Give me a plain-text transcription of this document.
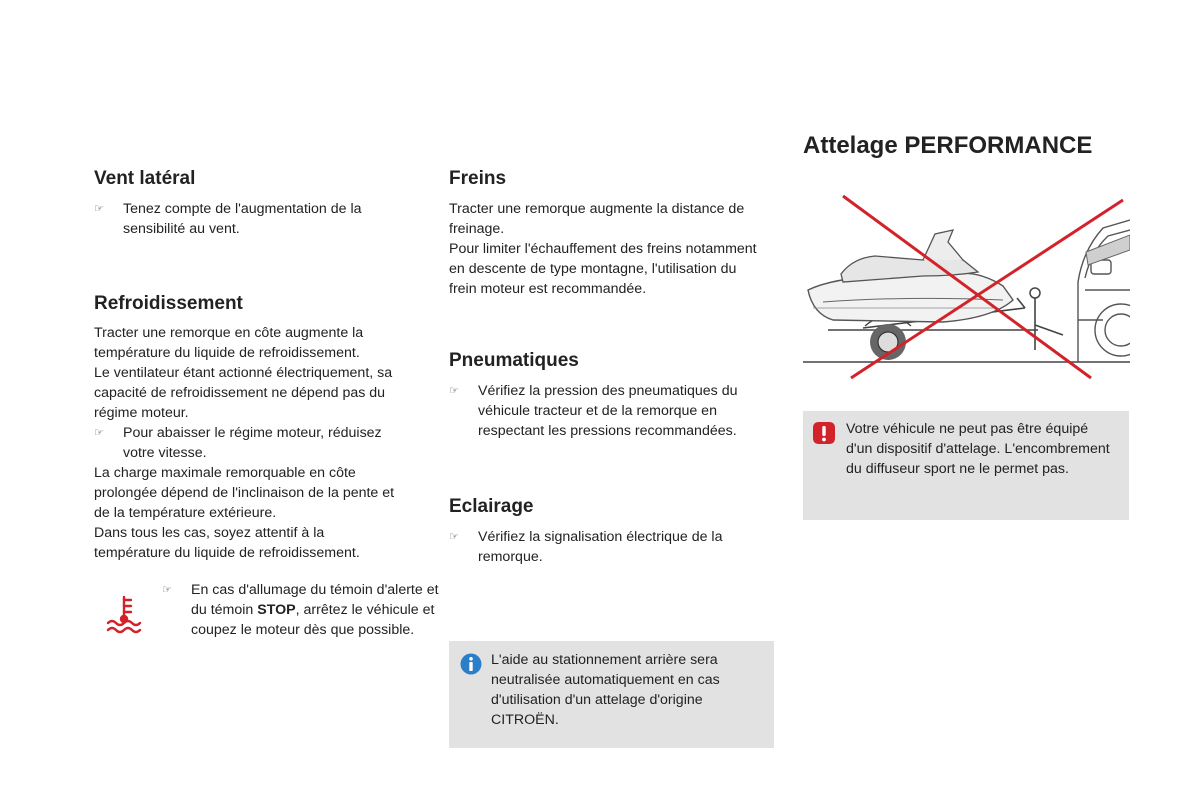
Vent latéral
☞ Tenez compte de l'augmentation de la sensibilité au vent.
Refroidissement

Tracter une remorque en côte augmente la température du liquide de refroidissement.

Le ventilateur étant actionné électriquement, sa capacité de refroidissement ne dépend pas du régime moteur.

☞ Pour abaisser le régime moteur, réduisez votre vitesse.

La charge maximale remorquable en côte prolongée dépend de l'inclinaison de la pente et de la température extérieure.

Dans tous les cas, soyez attentif à la température du liquide de refroidissement.

☞ En cas d'allumage du témoin d'alerte et du témoin STOP, arrêtez le véhicule et coupez le moteur dès que possible.
Freins

Tracter une remorque augmente la distance de freinage.

Pour limiter l'échauffement des freins notamment en descente de type montagne, l'utilisation du frein moteur est recommandée.

Pneumatiques
☞ Vérifiez la pression des pneumatiques du véhicule tracteur et de la remorque en respectant les pressions recommandées.
Eclairage
☞ Vérifiez la signalisation électrique de la remorque.
L'aide au stationnement arrière sera neutralisée automatiquement en cas d'utilisation d'un attelage d'origine CITROËN.
Attelage PERFORMANCE
Votre véhicule ne peut pas être équipé d'un dispositif d'attelage. L'encombrement du diffuseur sport ne le permet pas.
